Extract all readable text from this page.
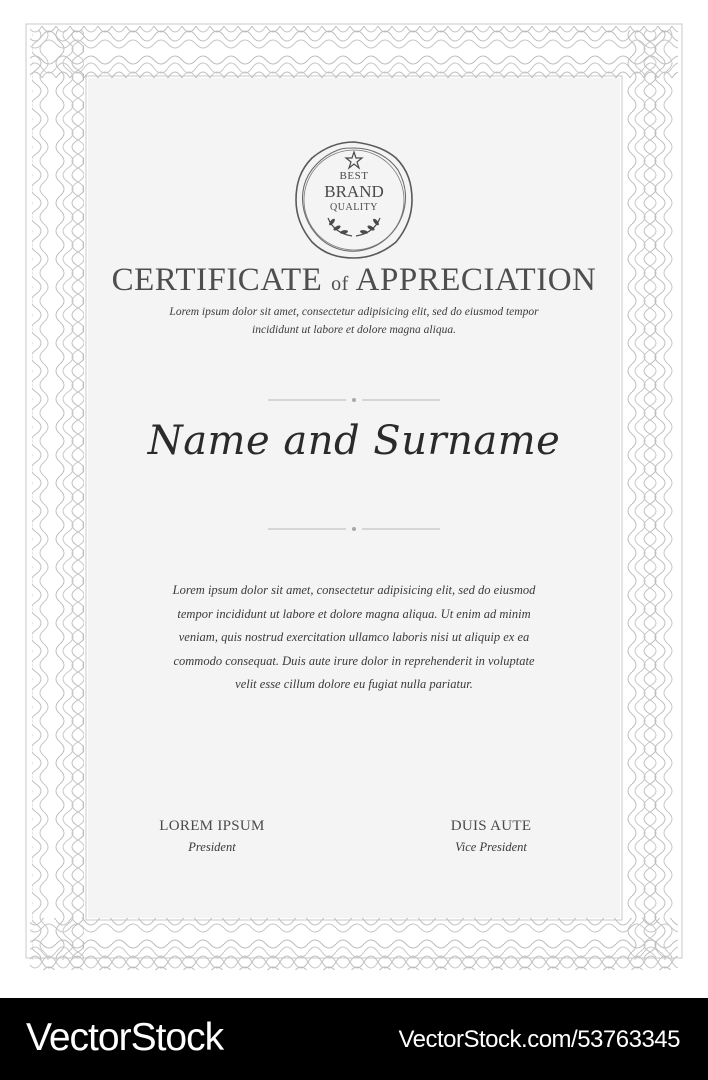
BEST
BRAND
QUALITY
CERTIFICATE of APPRECIATION
Lorem ipsum dolor sit amet, consectetur adipisicing elit, sed do eiusmod tempor incididunt ut labore et dolore magna aliqua.
Name and Surname
Lorem ipsum dolor sit amet, consectetur adipisicing elit, sed do eiusmod tempor incididunt ut labore et dolore magna aliqua. Ut enim ad minim veniam, quis nostrud exercitation ullamco laboris nisi ut aliquip ex ea commodo consequat. Duis aute irure dolor in reprehenderit in voluptate velit esse cillum dolore eu fugiat nulla pariatur.
LOREM IPSUM
President
DUIS AUTE
Vice President
VectorStock	VectorStock.com/53763345
